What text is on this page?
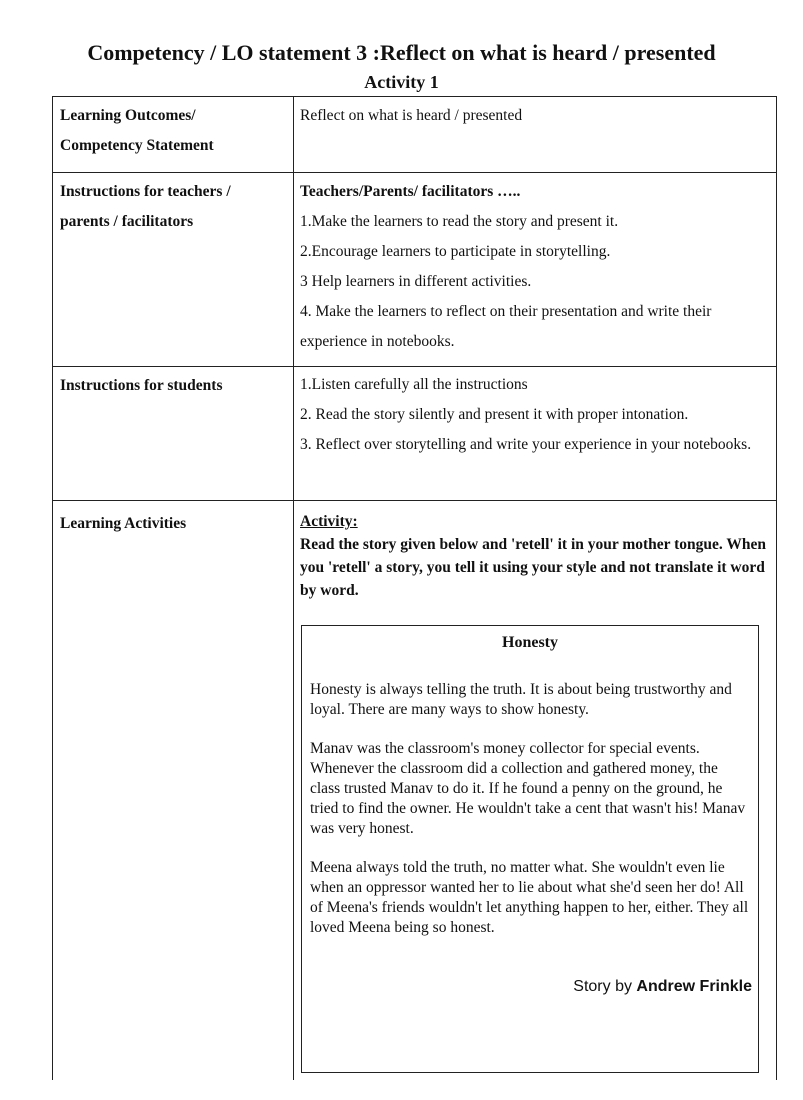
Competency / LO statement 3 :Reflect on what is heard / presented
Activity 1
Learning Outcomes/
Competency Statement
Reflect on what is heard / presented
Instructions for teachers /
parents / facilitators

Teachers/Parents/ facilitators …..

1.Make the learners to read the story and present it.

2.Encourage learners to participate in storytelling.

3 Help learners in different activities.

4. Make the learners to reflect on their presentation and write their experience in notebooks.

Instructions for students	1.Listen carefully all the instructions

2. Read the story silently and present it with proper intonation.

3. Reflect over storytelling and write your experience in your notebooks.

Learning Activities	Activity:
Read the story given below and 'retell' it in your mother tongue. When you 'retell' a story, you tell it using your style and not translate it word by word.
Honesty

Honesty is always telling the truth. It is about being trustworthy and loyal. There are many ways to show honesty.

Manav was the classroom's money collector for special events. Whenever the classroom did a collection and gathered money, the class trusted Manav to do it. If he found a penny on the ground, he tried to find the owner. He wouldn't take a cent that wasn't his! Manav was very honest.

Meena always told the truth, no matter what. She wouldn't even lie when an oppressor wanted her to lie about what she'd seen her do! All of Meena's friends wouldn't let anything happen to her, either. They all loved Meena being so honest.

Story by Andrew Frinkle
